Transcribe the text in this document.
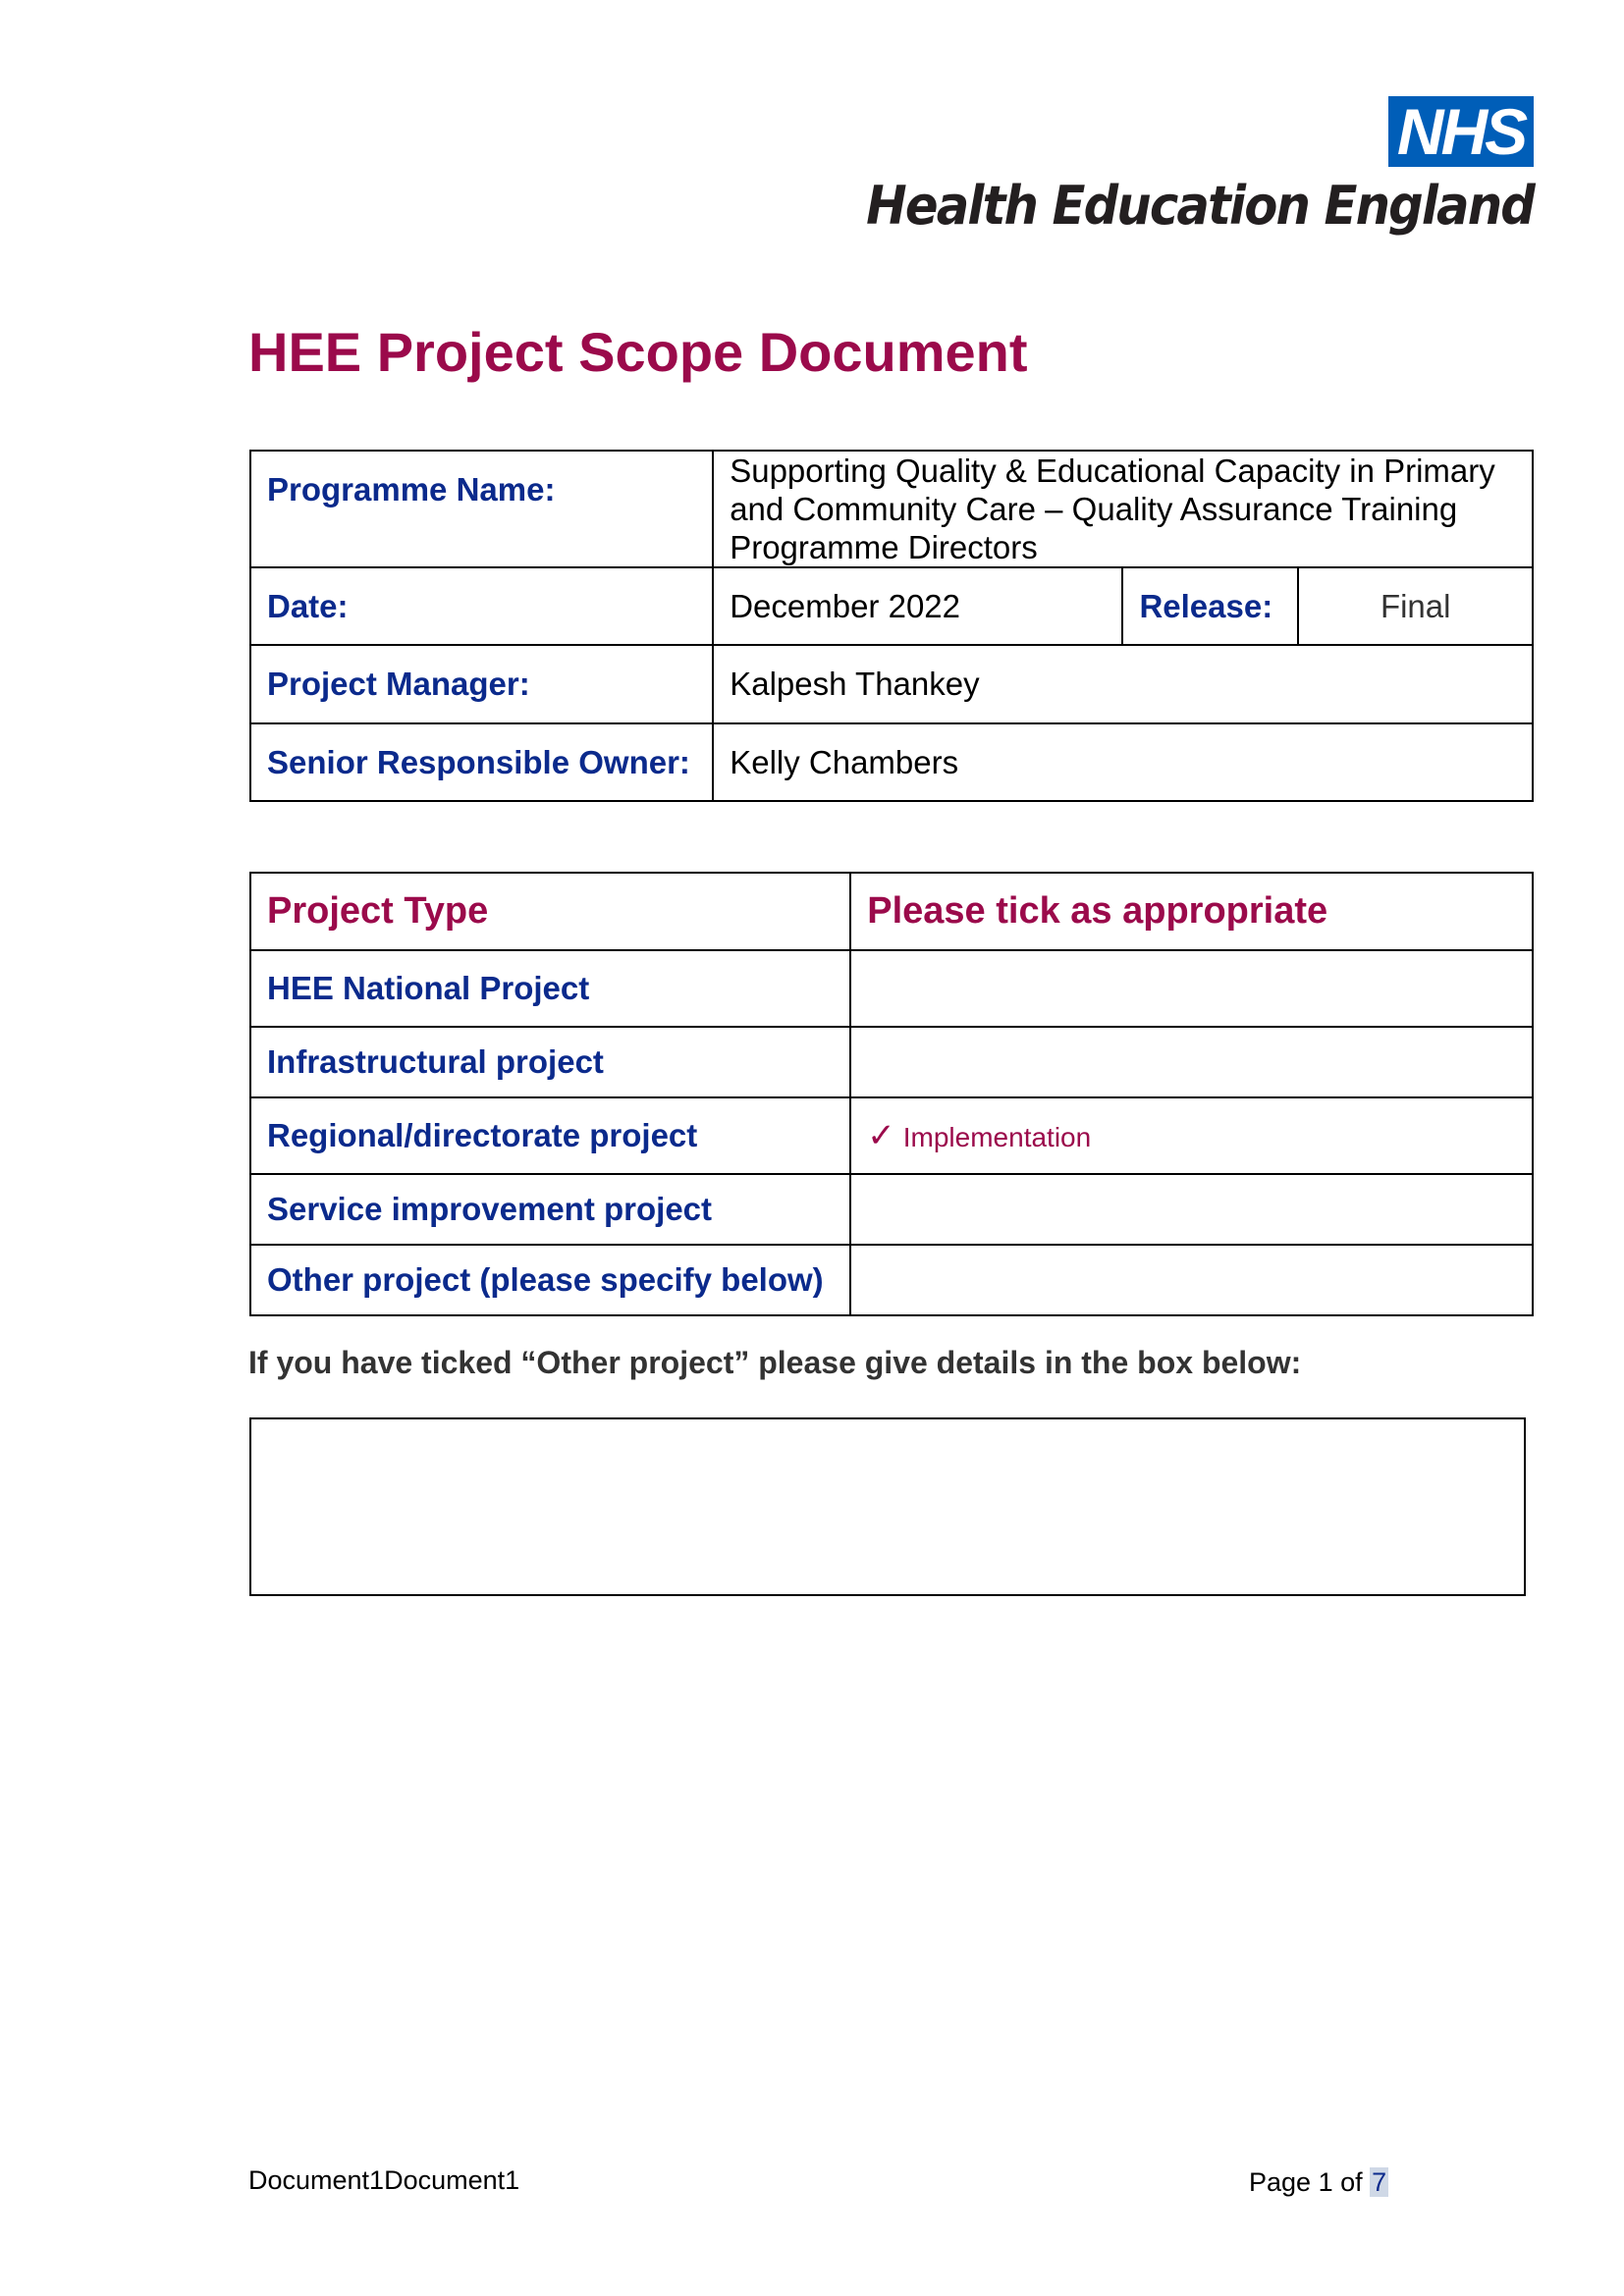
NHS
Health Education England
HEE Project Scope Document
Programme Name:	Supporting Quality & Educational Capacity in Primary
and Community Care – Quality Assurance Training
Programme Directors		

Date:	December 2022	Release:	Final
Project Manager:	Kalpesh Thankey		
Senior Responsible Owner:	Kelly Chambers		
Project Type	Please tick as appropriate
HEE National Project	
Infrastructural project	
Regional/directorate project	✓ Implementation
Service improvement project	
Other project (please specify below)	

If you have ticked “Other project” please give details in the box below:

Document1Document1	Page 1 of 7
